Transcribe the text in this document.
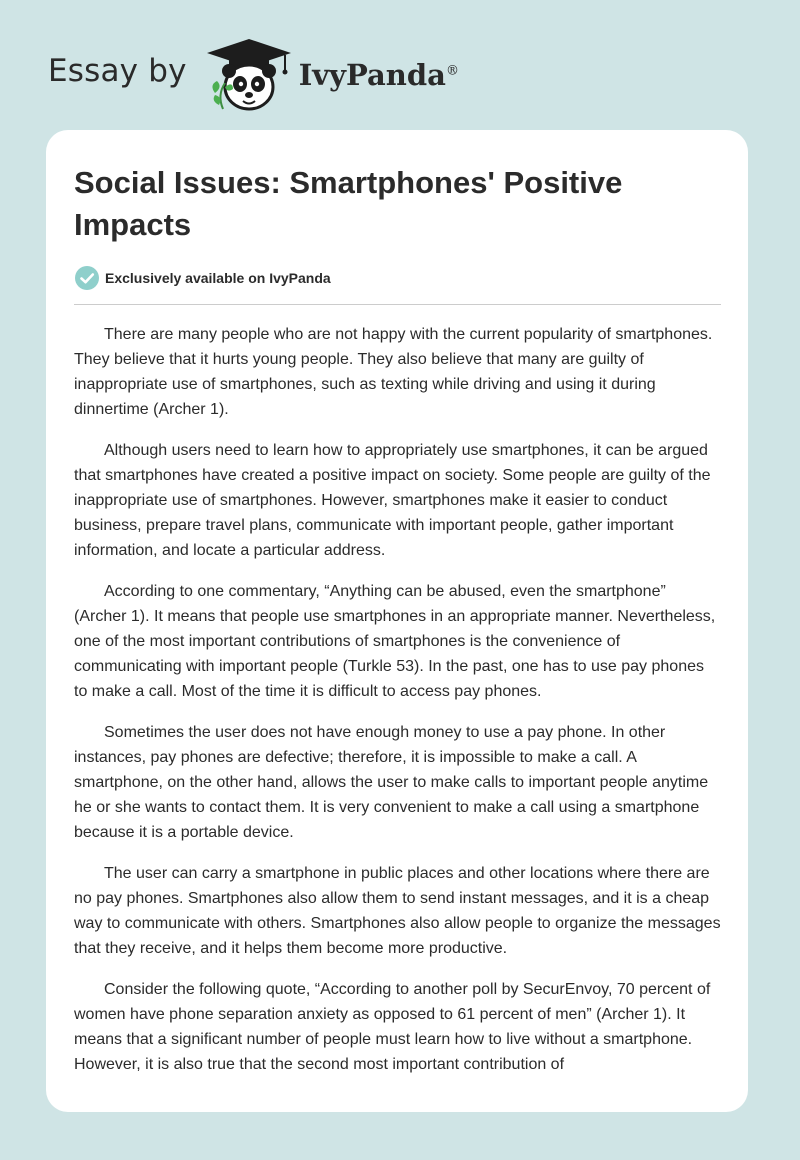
Essay by	IvyPanda®
Social Issues: Smartphones' Positive Impacts
Exclusively available on IvyPanda

There are many people who are not happy with the current popularity of smartphones. They believe that it hurts young people. They also believe that many are guilty of inappropriate use of smartphones, such as texting while driving and using it during dinnertime (Archer 1).

Although users need to learn how to appropriately use smartphones, it can be argued that smartphones have created a positive impact on society. Some people are guilty of the inappropriate use of smartphones. However, smartphones make it easier to conduct business, prepare travel plans, communicate with important people, gather important information, and locate a particular address.

According to one commentary, “Anything can be abused, even the smartphone” (Archer 1). It means that people use smartphones in an appropriate manner. Nevertheless, one of the most important contributions of smartphones is the convenience of communicating with important people (Turkle 53). In the past, one has to use pay phones to make a call. Most of the time it is difficult to access pay phones.

Sometimes the user does not have enough money to use a pay phone. In other instances, pay phones are defective; therefore, it is impossible to make a call. A smartphone, on the other hand, allows the user to make calls to important people anytime he or she wants to contact them. It is very convenient to make a call using a smartphone because it is a portable device.

The user can carry a smartphone in public places and other locations where there are no pay phones. Smartphones also allow them to send instant messages, and it is a cheap way to communicate with others. Smartphones also allow people to organize the messages that they receive, and it helps them become more productive.

Consider the following quote, “According to another poll by SecurEnvoy, 70 percent of women have phone separation anxiety as opposed to 61 percent of men” (Archer 1). It means that a significant number of people must learn how to live without a smartphone. However, it is also true that the second most important contribution of
